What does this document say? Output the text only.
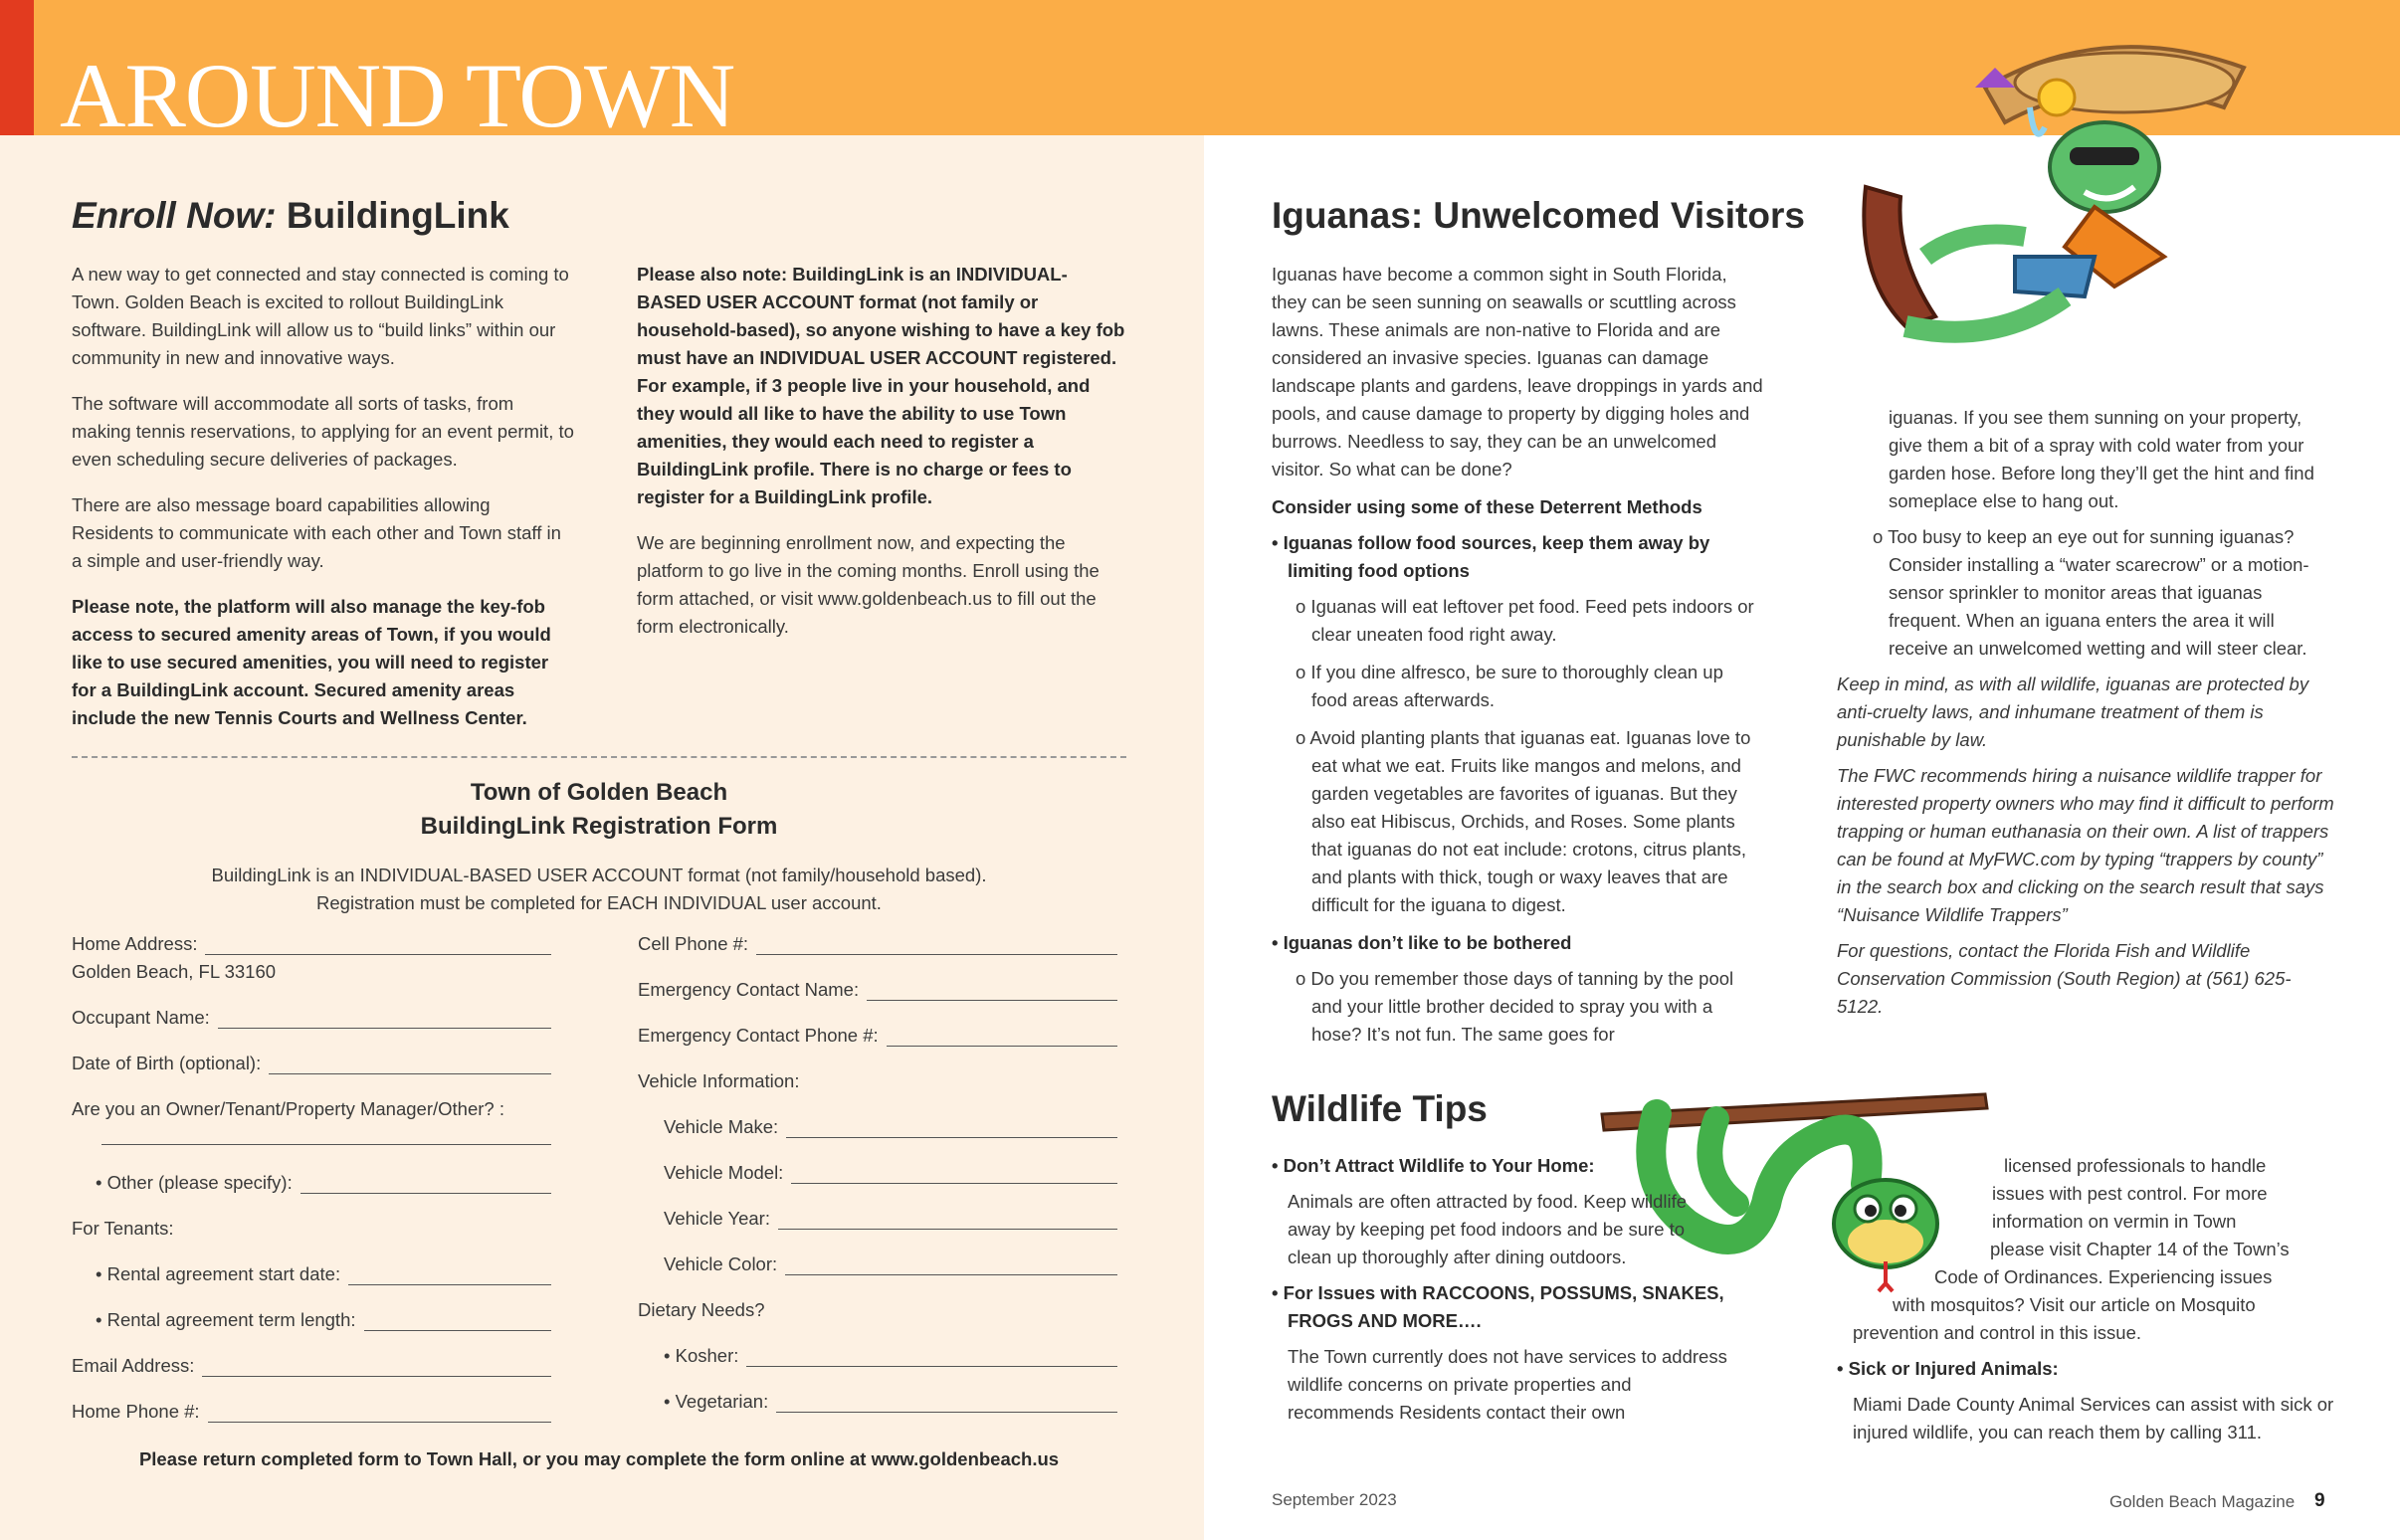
AROUND TOWN
Enroll Now: BuildingLink

A new way to get connected and stay connected is coming to Town. Golden Beach is excited to rollout BuildingLink software. BuildingLink will allow us to “build links” within our community in new and innovative ways.

The software will accommodate all sorts of tasks, from making tennis reservations, to applying for an event permit, to even scheduling secure deliveries of packages.

There are also message board capabilities allowing Residents to communicate with each other and Town staff in a simple and user-friendly way.

Please note, the platform will also manage the key-fob access to secured amenity areas of Town, if you would like to use secured amenities, you will need to register for a BuildingLink account. Secured amenity areas include the new Tennis Courts and Wellness Center.

Please also note: BuildingLink is an INDIVIDUAL-BASED USER ACCOUNT format (not family or household-based), so anyone wishing to have a key fob must have an INDIVIDUAL USER ACCOUNT registered. For example, if 3 people live in your household, and they would all like to have the ability to use Town amenities, they would each need to register a BuildingLink profile. There is no charge or fees to register for a BuildingLink profile.

We are beginning enrollment now, and expecting the platform to go live in the coming months. Enroll using the form attached, or visit www.goldenbeach.us to fill out the form electronically.

Town of Golden Beach
BuildingLink Registration Form
BuildingLink is an INDIVIDUAL-BASED USER ACCOUNT format (not family/household based).
Registration must be completed for EACH INDIVIDUAL user account.
Home Address:
Golden Beach, FL 33160
Occupant Name:
Date of Birth (optional):
Are you an Owner/Tenant/Property Manager/Other? :
• Other (please specify):
For Tenants:
• Rental agreement start date:
• Rental agreement term length:
Email Address:
Home Phone #:
Cell Phone #:
Emergency Contact Name:
Emergency Contact Phone #:
Vehicle Information:
Vehicle Make:
Vehicle Model:
Vehicle Year:
Vehicle Color:
Dietary Needs?
• Kosher:
• Vegetarian:
Please return completed form to Town Hall, or you may complete the form online at www.goldenbeach.us
Iguanas: Unwelcomed Visitors

Iguanas have become a common sight in South Florida, they can be seen sunning on seawalls or scuttling across lawns. These animals are non-native to Florida and are considered an invasive species. Iguanas can damage landscape plants and gardens, leave droppings in yards and pools, and cause damage to property by digging holes and burrows. Needless to say, they can be an unwelcomed visitor. So what can be done?

Consider using some of these Deterrent Methods

• Iguanas follow food sources, keep them away by limiting food options

o Iguanas will eat leftover pet food. Feed pets indoors or clear uneaten food right away.

o If you dine alfresco, be sure to thoroughly clean up food areas afterwards.

o Avoid planting plants that iguanas eat. Iguanas love to eat what we eat. Fruits like mangos and melons, and garden vegetables are favorites of iguanas. But they also eat Hibiscus, Orchids, and Roses. Some plants that iguanas do not eat include: crotons, citrus plants, and plants with thick, tough or waxy leaves that are difficult for the iguana to digest.

• Iguanas don’t like to be bothered

o Do you remember those days of tanning by the pool and your little brother decided to spray you with a hose? It’s not fun. The same goes for

iguanas. If you see them sunning on your property, give them a bit of a spray with cold water from your garden hose. Before long they’ll get the hint and find someplace else to hang out.

o Too busy to keep an eye out for sunning iguanas? Consider installing a “water scarecrow” or a motion-sensor sprinkler to monitor areas that iguanas frequent. When an iguana enters the area it will receive an unwelcomed wetting and will steer clear.

Keep in mind, as with all wildlife, iguanas are protected by anti-cruelty laws, and inhumane treatment of them is punishable by law.

The FWC recommends hiring a nuisance wildlife trapper for interested property owners who may find it difficult to perform trapping or human euthanasia on their own. A list of trappers can be found at MyFWC.com by typing “trappers by county” in the search box and clicking on the search result that says “Nuisance Wildlife Trappers”

For questions, contact the Florida Fish and Wildlife Conservation Commission (South Region) at (561) 625-5122.

Wildlife Tips

• Don’t Attract Wildlife to Your Home:

Animals are often attracted by food. Keep wildlife away by keeping pet food indoors and be sure to clean up thoroughly after dining outdoors.

• For Issues with RACCOONS, POSSUMS, SNAKES, FROGS AND MORE….

The Town currently does not have services to address wildlife concerns on private properties and recommends Residents contact their own

licensed professionals to handle
issues with pest control. For more
information on vermin in Town
please visit Chapter 14 of the Town’s
Code of Ordinances. Experiencing issues
with mosquitos? Visit our article on Mosquito
prevention and control in this issue.

• Sick or Injured Animals:

Miami Dade County Animal Services can assist with sick or injured wildlife, you can reach them by calling 311.

September 2023	Golden Beach Magazine 9
